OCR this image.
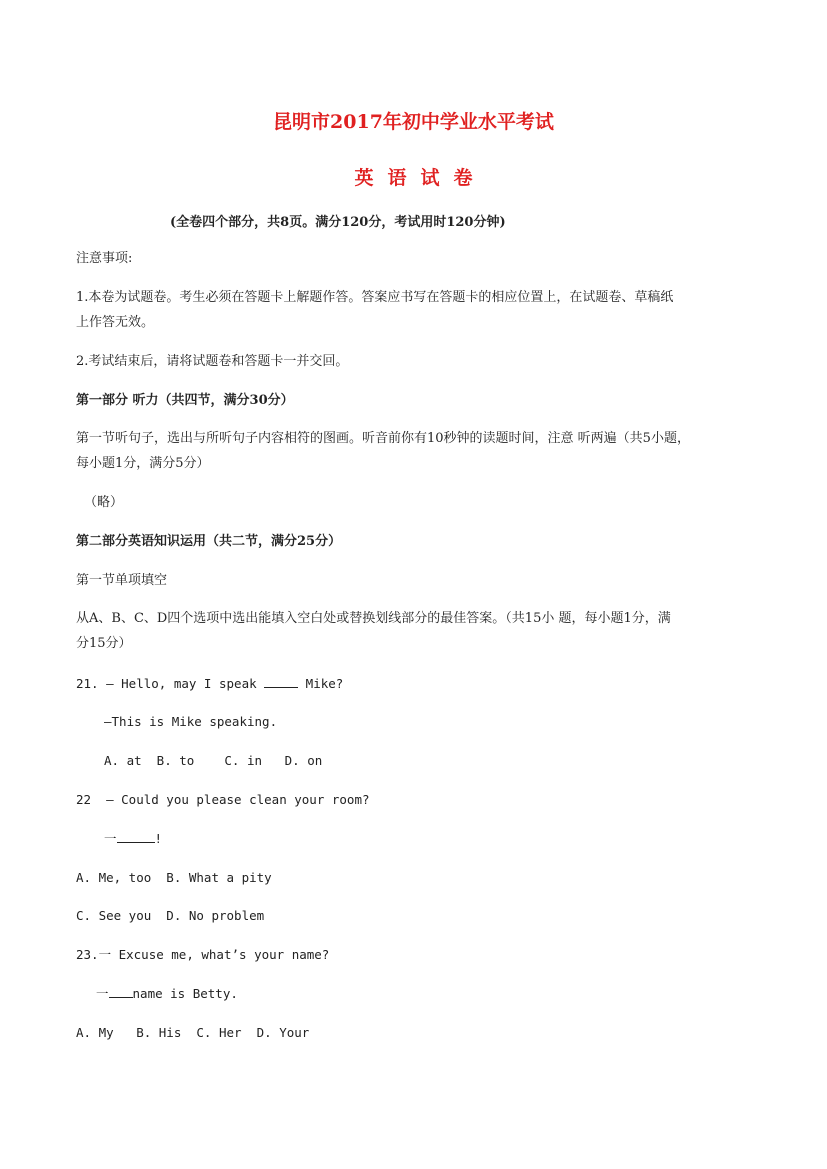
昆明市2017年初中学业水平考试
英语试卷
(全卷四个部分，共8页。满分120分，考试用时120分钟)
注意事项:
1.本卷为试题卷。考生必须在答题卡上解题作答。答案应书写在答题卡的相应位置上，在试题卷、草稿纸
上作答无效。
2.考试结束后，请将试题卷和答题卡一并交回。
第一部分 听力（共四节，满分30分）
第一节听句子，选出与所听句子内容相符的图画。听音前你有10秒钟的读题时间，注意 听两遍（共5小题，
每小题1分，满分5分）
（略）
第二部分英语知识运用（共二节，满分25分）
第一节单项填空
从A、B、C、D四个选项中选出能填入空白处或替换划线部分的最佳答案。（共15小 题，每小题1分，满
分15分）
21. — Hello, may I speak	Mike?
—This is Mike speaking.
A. at  B. to    C. in   D. on
22  — Could you please clean your room?
一	!
A. Me, too  B. What a pity
C. See you  D. No problem
23.一 Excuse me, what’s your name?
一 name is Betty.
A. My   B. His  C. Her  D. Your
